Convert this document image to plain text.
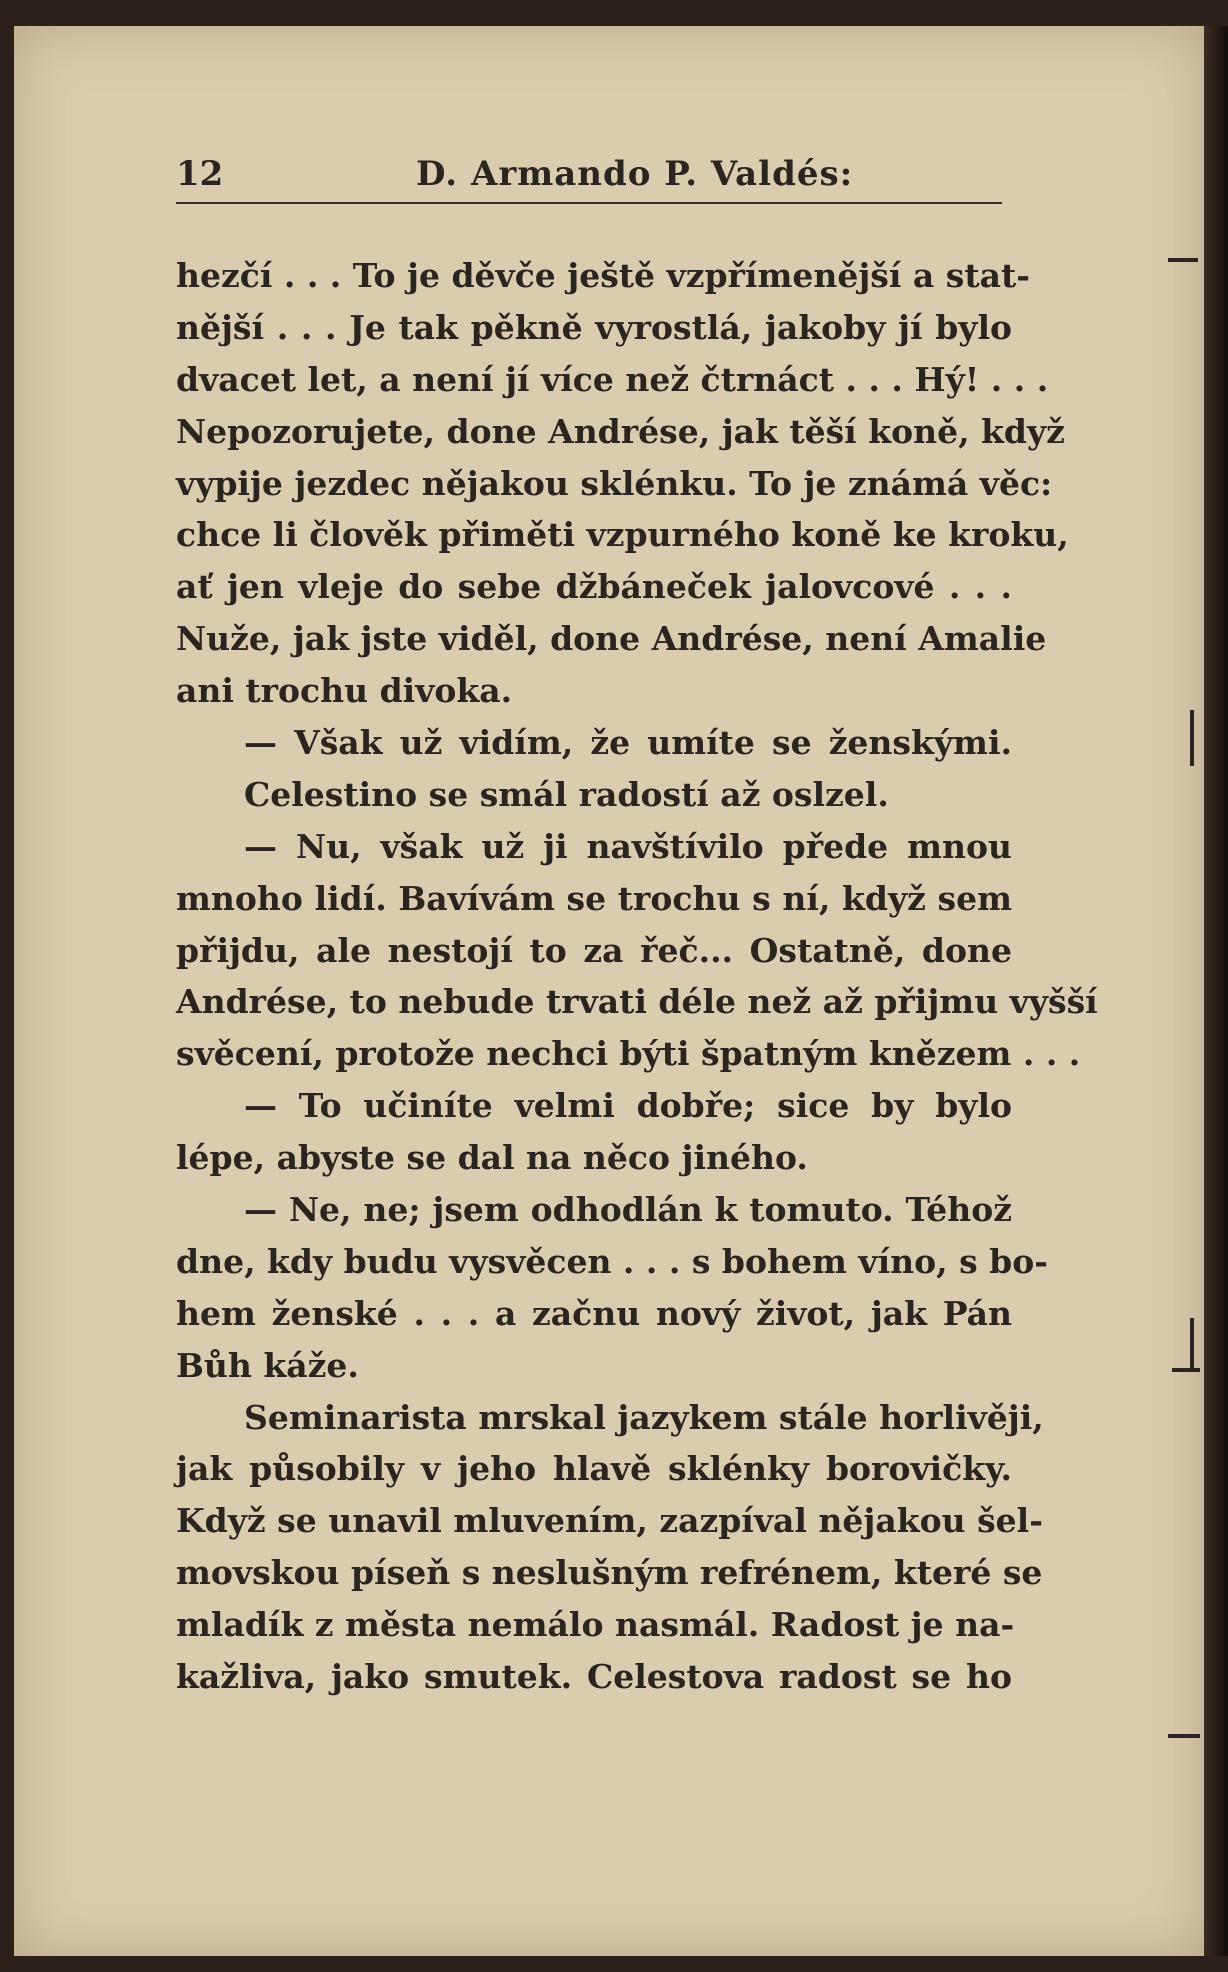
12	D. Armando P. Valdés:
hezčí . . . To je děvče ještě vzpřímenější a stat-
nější . . . Je tak pěkně vyrostlá, jakoby jí bylo
dvacet let, a není jí více než čtrnáct . . . Hý! . . .
Nepozorujete, done Andrése, jak těší koně, když
vypije jezdec nějakou sklénku. To je známá věc:
chce li člověk přiměti vzpurného koně ke kroku,
ať jen vleje do sebe džbáneček jalovcové . . .
Nuže, jak jste viděl, done Andrése, není Amalie
ani trochu divoka.
— Však už vidím, že umíte se ženskými.
Celestino se smál radostí až oslzel.
— Nu, však už ji navštívilo přede mnou
mnoho lidí. Bavívám se trochu s ní, když sem
přijdu, ale nestojí to za řeč... Ostatně, done
Andrése, to nebude trvati déle než až přijmu vyšší
svěcení, protože nechci býti špatným knězem . . .
— To učiníte velmi dobře; sice by bylo
lépe, abyste se dal na něco jiného.
— Ne, ne; jsem odhodlán k tomuto. Téhož
dne, kdy budu vysvěcen . . . s bohem víno, s bo-
hem ženské . . . a začnu nový život, jak Pán
Bůh káže.
Seminarista mrskal jazykem stále horlivěji,
jak působily v jeho hlavě sklénky borovičky.
Když se unavil mluvením, zazpíval nějakou šel-
movskou píseň s neslušným refrénem, které se
mladík z města nemálo nasmál. Radost je na-
kažliva, jako smutek. Celestova radost se ho
